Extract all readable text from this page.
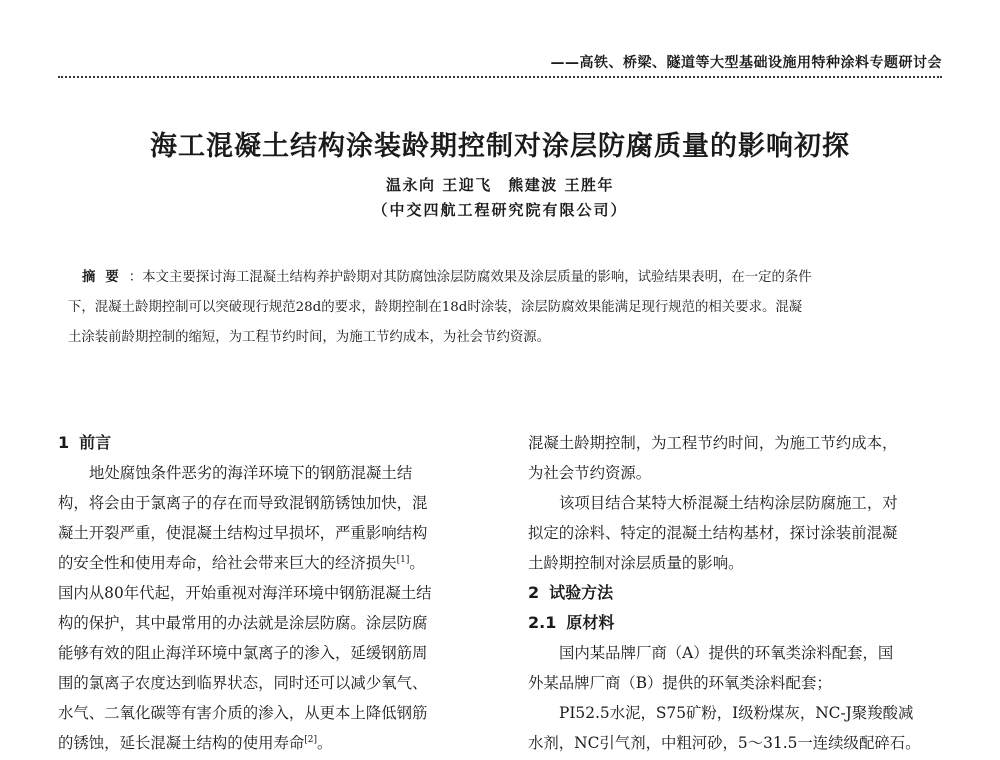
——高铁、桥梁、隧道等大型基础设施用特种涂料专题研讨会
海工混凝土结构涂装龄期控制对涂层防腐质量的影响初探
温永向 王迎飞　熊建波 王胜年
（中交四航工程研究院有限公司）
摘要：本文主要探讨海工混凝土结构养护龄期对其防腐蚀涂层防腐效果及涂层质量的影响，试验结果表明，在一定的条件
下，混凝土龄期控制可以突破现行规范28d的要求，龄期控制在18d时涂装，涂层防腐效果能满足现行规范的相关要求。混凝
土涂装前龄期控制的缩短，为工程节约时间，为施工节约成本，为社会节约资源。
1 前言
地处腐蚀条件恶劣的海洋环境下的钢筋混凝土结
构，将会由于氯离子的存在而导致混钢筋锈蚀加快，混
凝土开裂严重，使混凝土结构过早损坏，严重影响结构
的安全性和使用寿命，给社会带来巨大的经济损失[1]。
国内从80年代起，开始重视对海洋环境中钢筋混凝土结
构的保护，其中最常用的办法就是涂层防腐。涂层防腐
能够有效的阻止海洋环境中氯离子的渗入，延缓钢筋周
围的氯离子农度达到临界状态，同时还可以减少氧气、
水气、二氧化碳等有害介质的渗入，从更本上降低钢筋
的锈蚀，延长混凝土结构的使用寿命[2]。
混凝土龄期控制，为工程节约时间，为施工节约成本，
为社会节约资源。
该项目结合某特大桥混凝土结构涂层防腐施工，对
拟定的涂料、特定的混凝土结构基材，探讨涂装前混凝
土龄期控制对涂层质量的影响。
2 试验方法
2.1 原材料
国内某品牌厂商（A）提供的环氧类涂料配套，国
外某品牌厂商（B）提供的环氧类涂料配套；
PI52.5水泥，S75矿粉，I级粉煤灰，NC-J聚羧酸减
水剂，NC引气剂，中粗河砂，5～31.5一连续级配碎石。
